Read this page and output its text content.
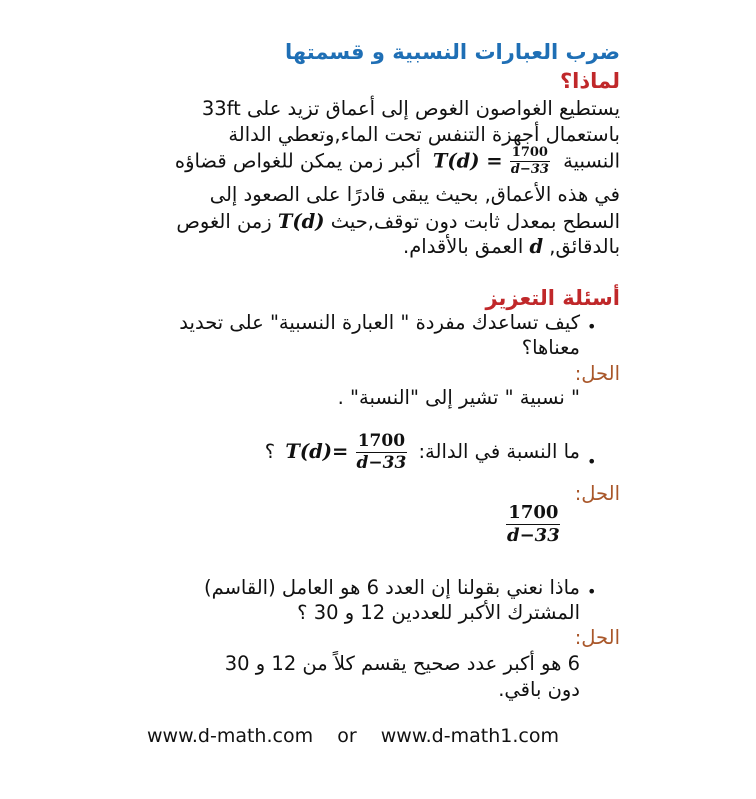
ضرب العبارات النسبية و قسمتها
لماذا؟
يستطيع الغواصون الغوص إلى أعماق تزيد على 33ft
باستعمال أجهزة التنفس تحت الماء,وتعطي الدالة
النسبية $T(d) = \frac{1700}{d-33}$
أكبر زمن يمكن للغواص قضاؤه
في هذه الأعماق, بحيث يبقى قادرًا على الصعود إلى
السطح بمعدل ثابت دون توقف,حيث T(d) زمن الغوص
بالدقائق, d العمق بالأقدام.
أسئلة التعزيز
•
كيف تساعدك مفردة " العبارة النسبية" على تحديد
معناها؟
الحل:
" نسبية " تشير إلى "النسبة" .
•
ما النسبة في الدالة: $T(d)= \frac{1700}{d-33}$
؟
الحل:
$\frac{1700}{d-33}$
•
ماذا نعني بقولنا إن العدد 6 هو العامل (القاسم)
المشترك الأكبر للعددين 12 و 30 ؟
الحل:
6 هو أكبر عدد صحيح يقسم كلاً من 12 و 30
دون باقي.
www.d-math.com   or   www.d-math1.com
